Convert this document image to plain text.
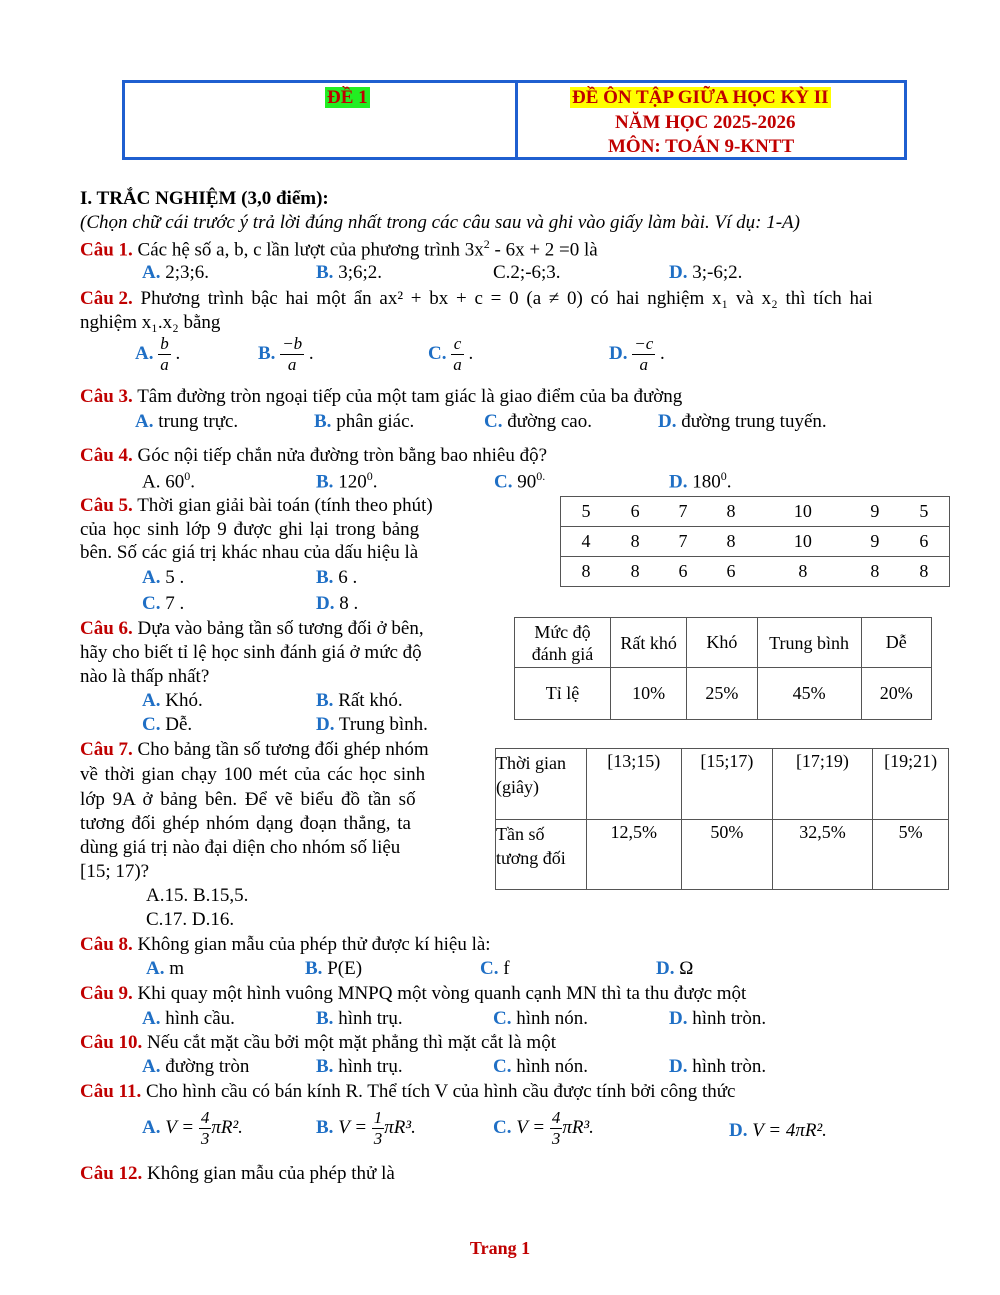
ĐỀ 1	ĐỀ ÔN TẬP GIỮA HỌC KỲ II
NĂM HỌC 2025-2026
MÔN: TOÁN 9-KNTT
I. TRẮC NGHIỆM (3,0 điểm):
(Chọn chữ cái trước ý trả lời đúng nhất trong các câu sau và ghi vào giấy làm bài. Ví dụ: 1-A)
Câu 1. Các hệ số a, b, c lần lượt của phương trình $3x^2 - 6x + 2 =0$ là
A. 2;3;6.	B. 3;6;2.	C.2;-6;3.	D. 3;-6;2.
Câu 2. Phương trình bậc hai một ẩn ax² + bx + c = 0 (a ≠ 0) có hai nghiệm x₁ và x₂ thì tích hai
nghiệm x₁.x₂ bằng
A. $\frac{b}{a}$ .	B. $\frac{-b}{a}$ .	C. $\frac{c}{a}$ .	D. $\frac{-c}{a}$ .
Câu 3. Tâm đường tròn ngoại tiếp của một tam giác là giao điểm của ba đường
A. trung trực.	B. phân giác.	C. đường cao.	D. đường trung tuyến.
Câu 4. Góc nội tiếp chắn nửa đường tròn bằng bao nhiêu độ?
A. $60^0$.	B. $120^0$.	C. $90^{0.}$	D. $180^0$.
Câu 5. Thời gian giải bài toán (tính theo phút)
của học sinh lớp 9 được ghi lại trong bảng
bên. Số các giá trị khác nhau của dấu hiệu là
A. 5 .	B. 6 .
C. 7 .	D. 8 .
5	6	7	8	10	9	5
4	8	7	8	10	9	6
8	8	6	6	8	8	8
Câu 6. Dựa vào bảng tần số tương đối ở bên,
hãy cho biết tỉ lệ học sinh đánh giá ở mức độ
nào là thấp nhất?
A. Khó.	B. Rất khó.
C. Dễ.	D. Trung bình.
Mức độ đánh giá	Rất khó	Khó	Trung bình	Dễ
Tỉ lệ	10%	25%	45%	20%
Câu 7. Cho bảng tần số tương đối ghép nhóm
về thời gian chạy 100 mét của các học sinh
lớp 9A ở bảng bên. Để vẽ biểu đồ tần số
tương đối ghép nhóm dạng đoạn thẳng, ta
dùng giá trị nào đại diện cho nhóm số liệu
[15; 17)?
A.15. B.15,5.
C.17. D.16.
Thời gian (giây)	[13;15)	[15;17)	[17;19)	[19;21)
Tần số tương đối	12,5%	50%	32,5%	5%
Câu 8. Không gian mẫu của phép thử được kí hiệu là:
A. m	B. P(E)	C. f	D. Ω
Câu 9. Khi quay một hình vuông MNPQ một vòng quanh cạnh MN thì ta thu được một
A. hình cầu.	B. hình trụ.	C. hình nón.	D. hình tròn.
Câu 10. Nếu cắt mặt cầu bởi một mặt phẳng thì mặt cắt là một
A. đường tròn	B. hình trụ.	C. hình nón.	D. hình tròn.
Câu 11. Cho hình cầu có bán kính R. Thể tích V của hình cầu được tính bởi công thức
A. $V = \frac{4}{3} \pi R^2$.	B. $V = \frac{1}{3} \pi R^3$.	C. $V = \frac{4}{3} \pi R^3$.	D. V = 4πR².
Câu 12. Không gian mẫu của phép thử là
Trang 1
